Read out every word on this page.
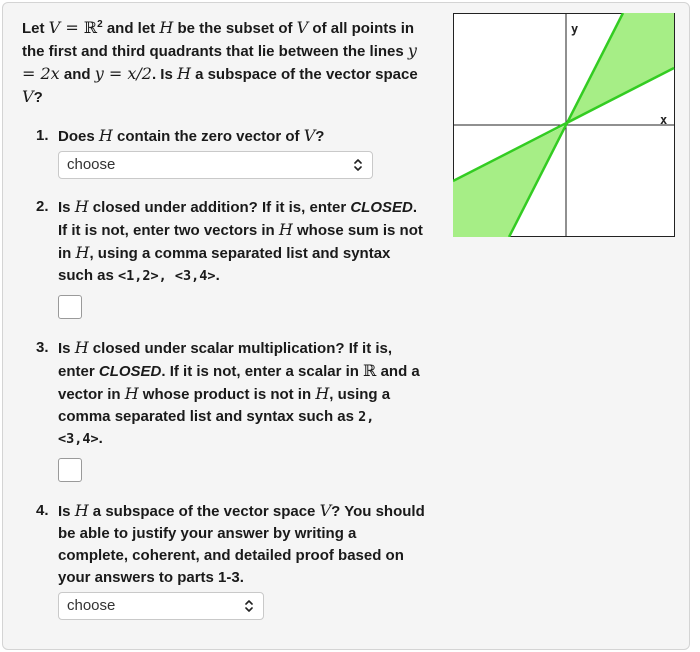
Let V = ℝ$^2$ and let H be the subset of V of all points in the first and third quadrants that lie between the lines y = 2x and y = x/2. Is H a subspace of the vector space V?
1. Does H contain the zero vector of V?
choose
2. Is H closed under addition? If it is, enter CLOSED. If it is not, enter two vectors in H whose sum is not in H, using a comma separated list and syntax such as <1,2>, <3,4>.
3. Is H closed under scalar multiplication? If it is, enter CLOSED. If it is not, enter a scalar in ℝ and a vector in H whose product is not in H, using a comma separated list and syntax such as 2, <3,4>.
4. Is H a subspace of the vector space V? You should be able to justify your answer by writing a complete, coherent, and detailed proof based on your answers to parts 1-3.
choose
y
x
